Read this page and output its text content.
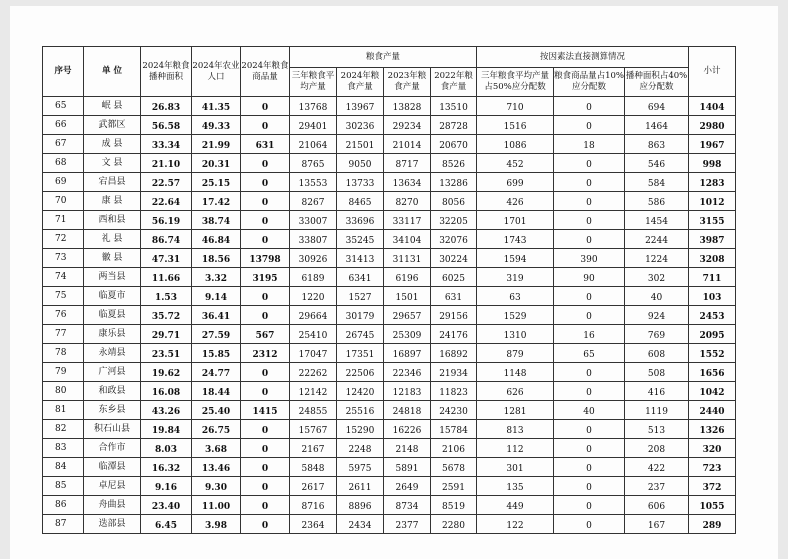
序号	单 位	2024年粮食播种面积	2024年农业人口	2024年粮食商品量	粮食产量				按因素法直接测算情况			小计
					三年粮食平均产量	2024年粮食产量	2023年粮食产量	2022年粮食产量	三年粮食平均产量占50%应分配数	粮食商品量占10%应分配数	播种面积占40% 应分配数	
65	岷 县	26.83	41.35	0	13768	13967	13828	13510	710	0	694	1404
66	武都区	56.58	49.33	0	29401	30236	29234	28728	1516	0	1464	2980
67	成 县	33.34	21.99	631	21064	21501	21014	20670	1086	18	863	1967
68	文 县	21.10	20.31	0	8765	9050	8717	8526	452	0	546	998
69	宕昌县	22.57	25.15	0	13553	13733	13634	13286	699	0	584	1283
70	康 县	22.64	17.42	0	8267	8465	8270	8056	426	0	586	1012
71	西和县	56.19	38.74	0	33007	33696	33117	32205	1701	0	1454	3155
72	礼 县	86.74	46.84	0	33807	35245	34104	32076	1743	0	2244	3987
73	徽 县	47.31	18.56	13798	30926	31413	31131	30224	1594	390	1224	3208
74	两当县	11.66	3.32	3195	6189	6341	6196	6025	319	90	302	711
75	临夏市	1.53	9.14	0	1220	1527	1501	631	63	0	40	103
76	临夏县	35.72	36.41	0	29664	30179	29657	29156	1529	0	924	2453
77	康乐县	29.71	27.59	567	25410	26745	25309	24176	1310	16	769	2095
78	永靖县	23.51	15.85	2312	17047	17351	16897	16892	879	65	608	1552
79	广河县	19.62	24.77	0	22262	22506	22346	21934	1148	0	508	1656
80	和政县	16.08	18.44	0	12142	12420	12183	11823	626	0	416	1042
81	东乡县	43.26	25.40	1415	24855	25516	24818	24230	1281	40	1119	2440
82	积石山县	19.84	26.75	0	15767	15290	16226	15784	813	0	513	1326
83	合作市	8.03	3.68	0	2167	2248	2148	2106	112	0	208	320
84	临潭县	16.32	13.46	0	5848	5975	5891	5678	301	0	422	723
85	卓尼县	9.16	9.30	0	2617	2611	2649	2591	135	0	237	372
86	舟曲县	23.40	11.00	0	8716	8896	8734	8519	449	0	606	1055
87	迭部县	6.45	3.98	0	2364	2434	2377	2280	122	0	167	289
